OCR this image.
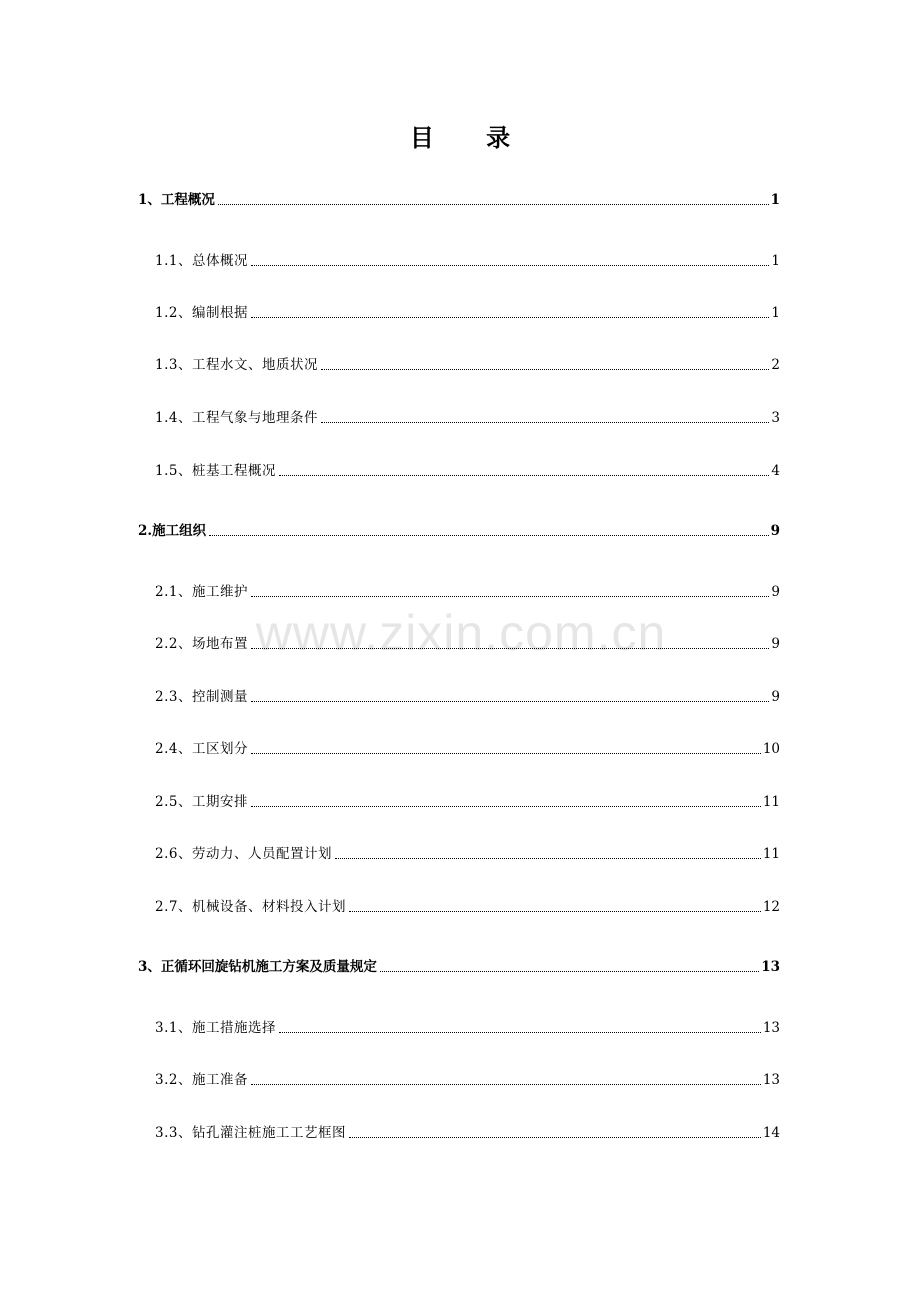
目 录
www.zixin.com.cn
1、工程概况	1
1.1、总体概况	1
1.2、编制根据	1
1.3、工程水文、地质状况	2
1.4、工程气象与地理条件	3
1.5、桩基工程概况	4
2.施工组织	9
2.1、施工维护	9
2.2、场地布置	9
2.3、控制测量	9
2.4、工区划分	10
2.5、工期安排	11
2.6、劳动力、人员配置计划	11
2.7、机械设备、材料投入计划	12
3、正循环回旋钻机施工方案及质量规定	13
3.1、施工措施选择	13
3.2、施工准备	13
3.3、钻孔灌注桩施工工艺框图	14
